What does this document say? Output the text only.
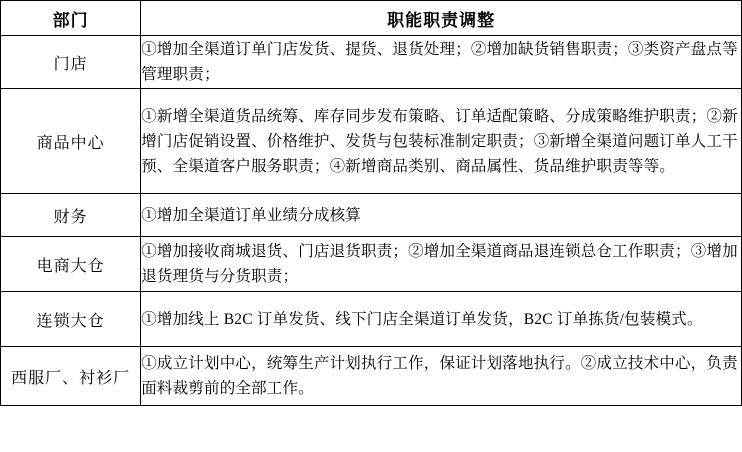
部门	职能职责调整
门店	①增加全渠道订单门店发货、提货、退货处理；②增加缺货销售职责；③类资产盘点等管理职责；
商品中心	①新增全渠道货品统筹、库存同步发布策略、订单适配策略、分成策略维护职责；②新增门店促销设置、价格维护、发货与包装标准制定职责；③新增全渠道问题订单人工干预、全渠道客户服务职责；④新增商品类别、商品属性、货品维护职责等等。
财务	①增加全渠道订单业绩分成核算
电商大仓	①增加接收商城退货、门店退货职责；②增加全渠道商品退连锁总仓工作职责；③增加退货理货与分货职责；
连锁大仓	①增加线上 B2C 订单发货、线下门店全渠道订单发货，B2C 订单拣货/包装模式。
西服厂、衬衫厂	①成立计划中心，统筹生产计划执行工作，保证计划落地执行。②成立技术中心，负责面料裁剪前的全部工作。
